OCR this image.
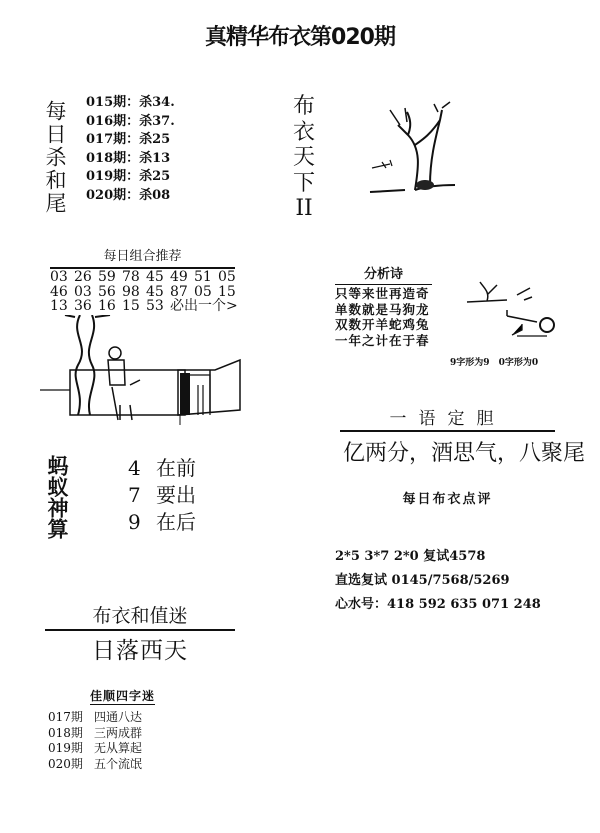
真精华布衣第020期
每日杀和尾 015期：杀34.
016期：杀37.
017期：杀25
018期：杀13
019期：杀25
020期：杀08
布
衣
天
下
II
每日组合推荐
03 26 59 78 45 49 51 05
46 03 56 98 45 87 05 15
13 36 16 15 53 必出一个>
蚂蚁神算	4 在前
7 要出
9 在后
分析诗
只等来世再造奇
单数就是马狗龙
双数开羊蛇鸡兔
一年之计在于春
9字形为9 0字形为0
一语定胆
亿两分，酒思气，八聚尾
每日布衣点评
2*5 3*7 2*0 复试4578
直选复试 0145/7568/5269
心水号：418 592 635 071 248
布衣和值迷
日落西天
佳顺四字迷
017期 四通八达
018期 三两成群
019期 无从算起
020期 五个流氓
